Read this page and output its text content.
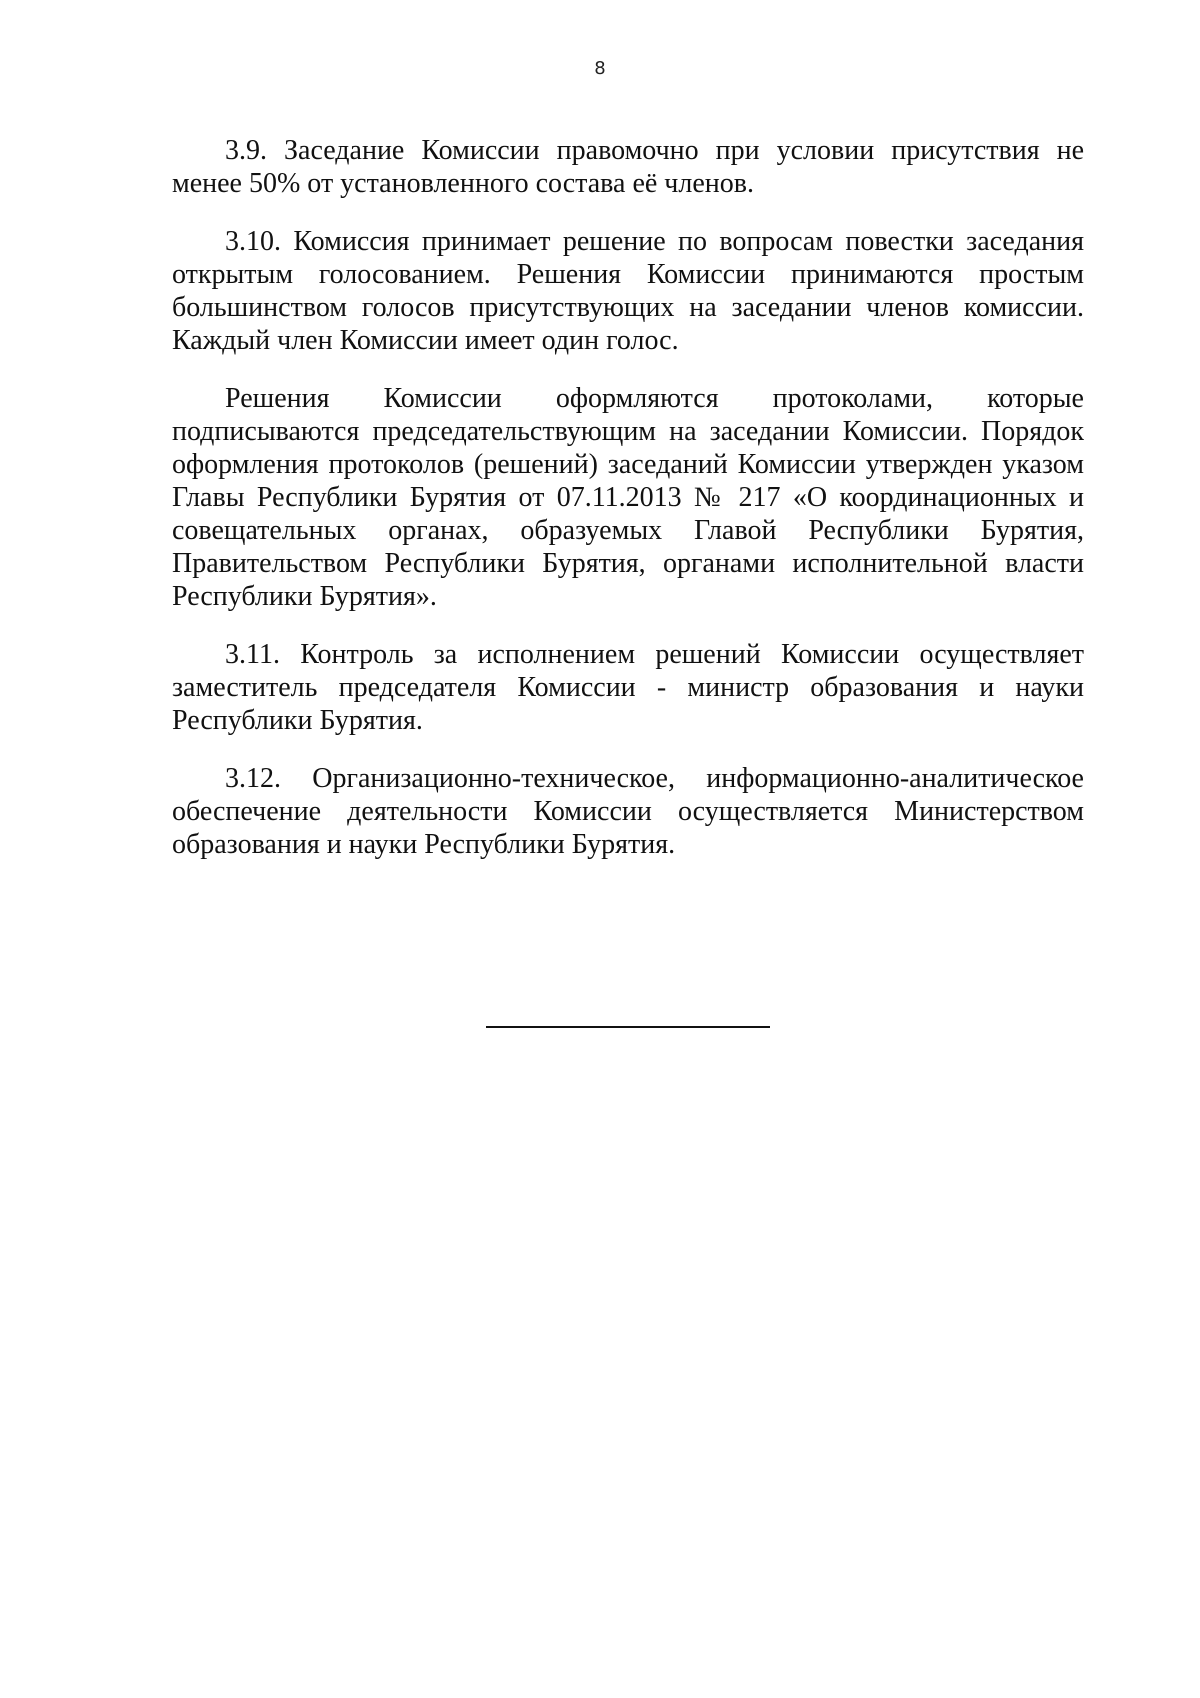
8

3.9. Заседание Комиссии правомочно при условии присутствия не менее 50% от установленного состава её членов.

3.10. Комиссия принимает решение по вопросам повестки заседания открытым голосованием. Решения Комиссии принимаются простым большинством голосов присутствующих на заседании членов комиссии. Каждый член Комиссии имеет один голос.

Решения Комиссии оформляются протоколами, которые подписываются председательствующим на заседании Комиссии. Порядок оформления протоколов (решений) заседаний Комиссии утвержден указом Главы Республики Бурятия от 07.11.2013 № 217 «О координационных и совещательных органах, образуемых Главой Республики Бурятия, Правительством Республики Бурятия, органами исполнительной власти Республики Бурятия».

3.11. Контроль за исполнением решений Комиссии осуществляет заместитель председателя Комиссии - министр образования и науки Республики Бурятия.

3.12. Организационно-техническое, информационно-аналитическое обеспечение деятельности Комиссии осуществляется Министерством образования и науки Республики Бурятия.
